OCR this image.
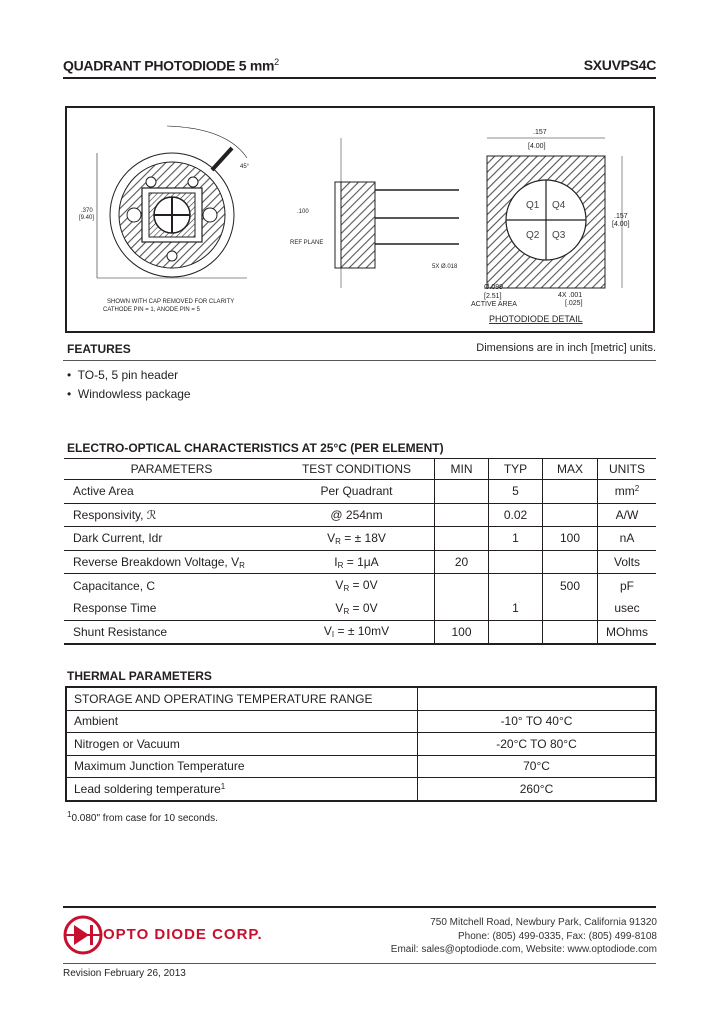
QUADRANT PHOTODIODE 5 $mm^2$	SXUVPS4C
.370
[9.40]
45°
SHOWN WITH CAP REMOVED FOR CLARITY
CATHODE PIN = 1, ANODE PIN = 5
.100
REF PLANE
5X Ø.018
Q1 Q4
Q2 Q3
.157
[4.00]
.157
[4.00]
Ø.099
[2.51]
ACTIVE AREA
4X .001
[.025]
PHOTODIODE DETAIL
FEATURES	Dimensions are in inch [metric] units.
•  TO-5, 5 pin header
•  Windowless package
ELECTRO-OPTICAL CHARACTERISTICS AT 25°C (PER ELEMENT)
PARAMETERS	TEST CONDITIONS	MIN	TYP	MAX	UNITS
Active Area	Per Quadrant		5		$mm^2$
Responsivity, ℛ	@ 254nm		0.02		A/W
Dark Current, Idr	$V_R$ = ± 18V		1	100	nA
Reverse Breakdown Voltage, $V_R$	$I_R = 1\mu A$	20			Volts
Capacitance, C	$V_R = 0V$			500	pF
Response Time	$V_R = 0V$		1		usec
Shunt Resistance	$V_I$ = ± 10mV	100			MOhms
THERMAL PARAMETERS
STORAGE AND OPERATING TEMPERATURE RANGE	
Ambient	-10° TO 40°C
Nitrogen or Vacuum	-20°C TO 80°C
Maximum Junction Temperature	70°C
Lead soldering temperature$^1$	260°C
$^1$0.080" from case for 10 seconds.
OPTO DIODE CORP.
750 Mitchell Road, Newbury Park, California 91320
Phone: (805) 499-0335, Fax: (805) 499-8108
Email: sales@optodiode.com, Website: www.optodiode.com
Revision February 26, 2013
